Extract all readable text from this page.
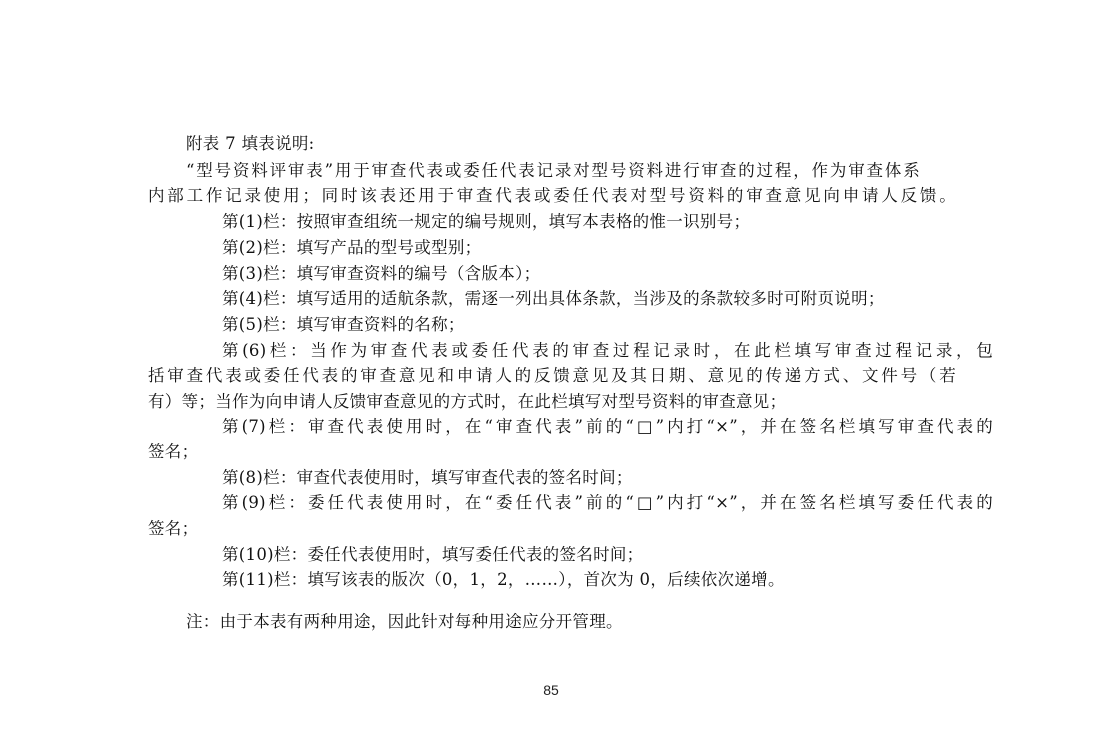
附表 7 填表说明:
“型号资料评审表”用于审查代表或委任代表记录对型号资料进行审查的过程，作为审查体系
内部工作记录使用；同时该表还用于审查代表或委任代表对型号资料的审查意见向申请人反馈。
第(1)栏：按照审查组统一规定的编号规则，填写本表格的惟一识别号；
第(2)栏：填写产品的型号或型别；
第(3)栏：填写审查资料的编号（含版本）；
第(4)栏：填写适用的适航条款，需逐一列出具体条款，当涉及的条款较多时可附页说明；
第(5)栏：填写审查资料的名称；
第(6)栏：当作为审查代表或委任代表的审查过程记录时，在此栏填写审查过程记录，包
括审查代表或委任代表的审查意见和申请人的反馈意见及其日期、意见的传递方式、文件号（若
有）等；当作为向申请人反馈审查意见的方式时，在此栏填写对型号资料的审查意见；
第(7)栏：审查代表使用时，在“审查代表”前的“□”内打“×”，并在签名栏填写审查代表的
签名；
第(8)栏：审查代表使用时，填写审查代表的签名时间；
第(9)栏：委任代表使用时，在“委任代表”前的“□”内打“×”，并在签名栏填写委任代表的
签名；
第(10)栏：委任代表使用时，填写委任代表的签名时间；
第(11)栏：填写该表的版次（0，1，2，……），首次为 0，后续依次递增。
注：由于本表有两种用途，因此针对每种用途应分开管理。
85
